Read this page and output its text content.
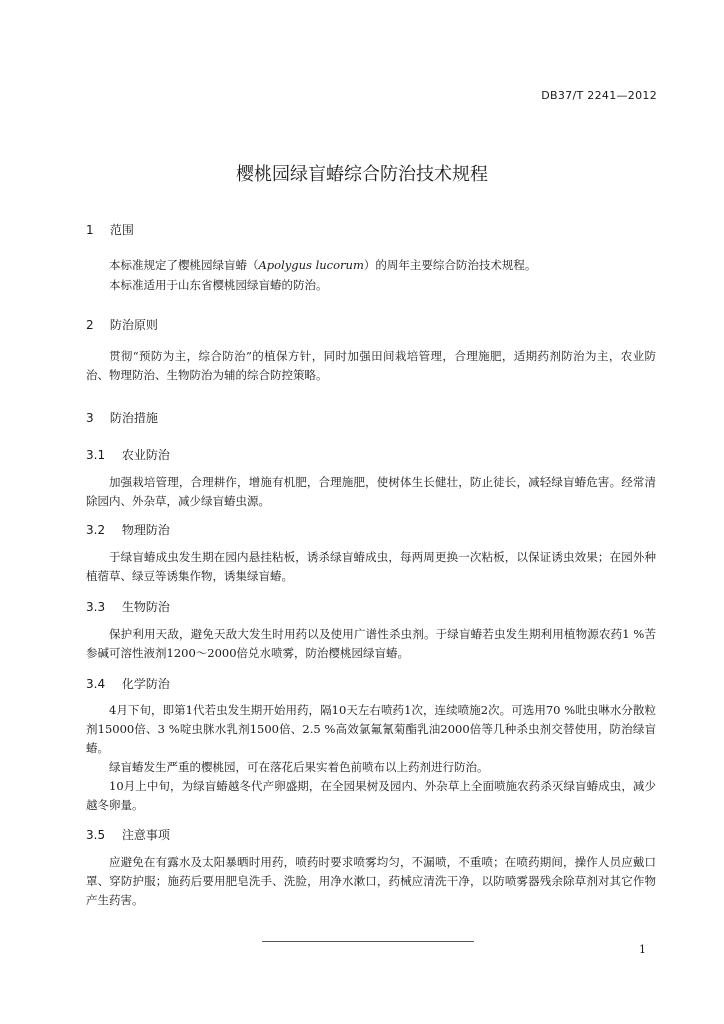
DB37/T 2241—2012
樱桃园绿盲蝽综合防治技术规程
1 范围

本标准规定了樱桃园绿盲蝽（Apolygus lucorum）的周年主要综合防治技术规程。

本标准适用于山东省樱桃园绿盲蝽的防治。

2 防治原则

贯彻“预防为主，综合防治”的植保方针，同时加强田间栽培管理，合理施肥，适期药剂防治为主，农业防治、物理防治、生物防治为辅的综合防控策略。

3 防治措施
3.1 农业防治

加强栽培管理，合理耕作，增施有机肥，合理施肥，使树体生长健壮，防止徒长，减轻绿盲蝽危害。经常清除园内、外杂草，减少绿盲蝽虫源。

3.2 物理防治

于绿盲蝽成虫发生期在园内悬挂粘板，诱杀绿盲蝽成虫，每两周更换一次粘板，以保证诱虫效果；在园外种植蓿草、绿豆等诱集作物，诱集绿盲蝽。

3.3 生物防治

保护利用天敌，避免天敌大发生时用药以及使用广谱性杀虫剂。于绿盲蝽若虫发生期利用植物源农药1 %苦参碱可溶性液剂1200～2000倍兑水喷雾，防治樱桃园绿盲蝽。

3.4 化学防治

4月下旬，即第1代若虫发生期开始用药，隔10天左右喷药1次，连续喷施2次。可选用70 %吡虫啉水分散粒剂15000倍、3 %啶虫脒水乳剂1500倍、2.5 %高效氯氟氰菊酯乳油2000倍等几种杀虫剂交替使用，防治绿盲蝽。

绿盲蝽发生严重的樱桃园，可在落花后果实着色前喷布以上药剂进行防治。

10月上中旬，为绿盲蝽越冬代产卵盛期，在全园果树及园内、外杂草上全面喷施农药杀灭绿盲蝽成虫，减少越冬卵量。

3.5 注意事项

应避免在有露水及太阳暴晒时用药，喷药时要求喷雾均匀，不漏喷，不重喷；在喷药期间，操作人员应戴口罩、穿防护服；施药后要用肥皂洗手、洗脸，用净水漱口，药械应清洗干净，以防喷雾器残余除草剂对其它作物产生药害。

1
